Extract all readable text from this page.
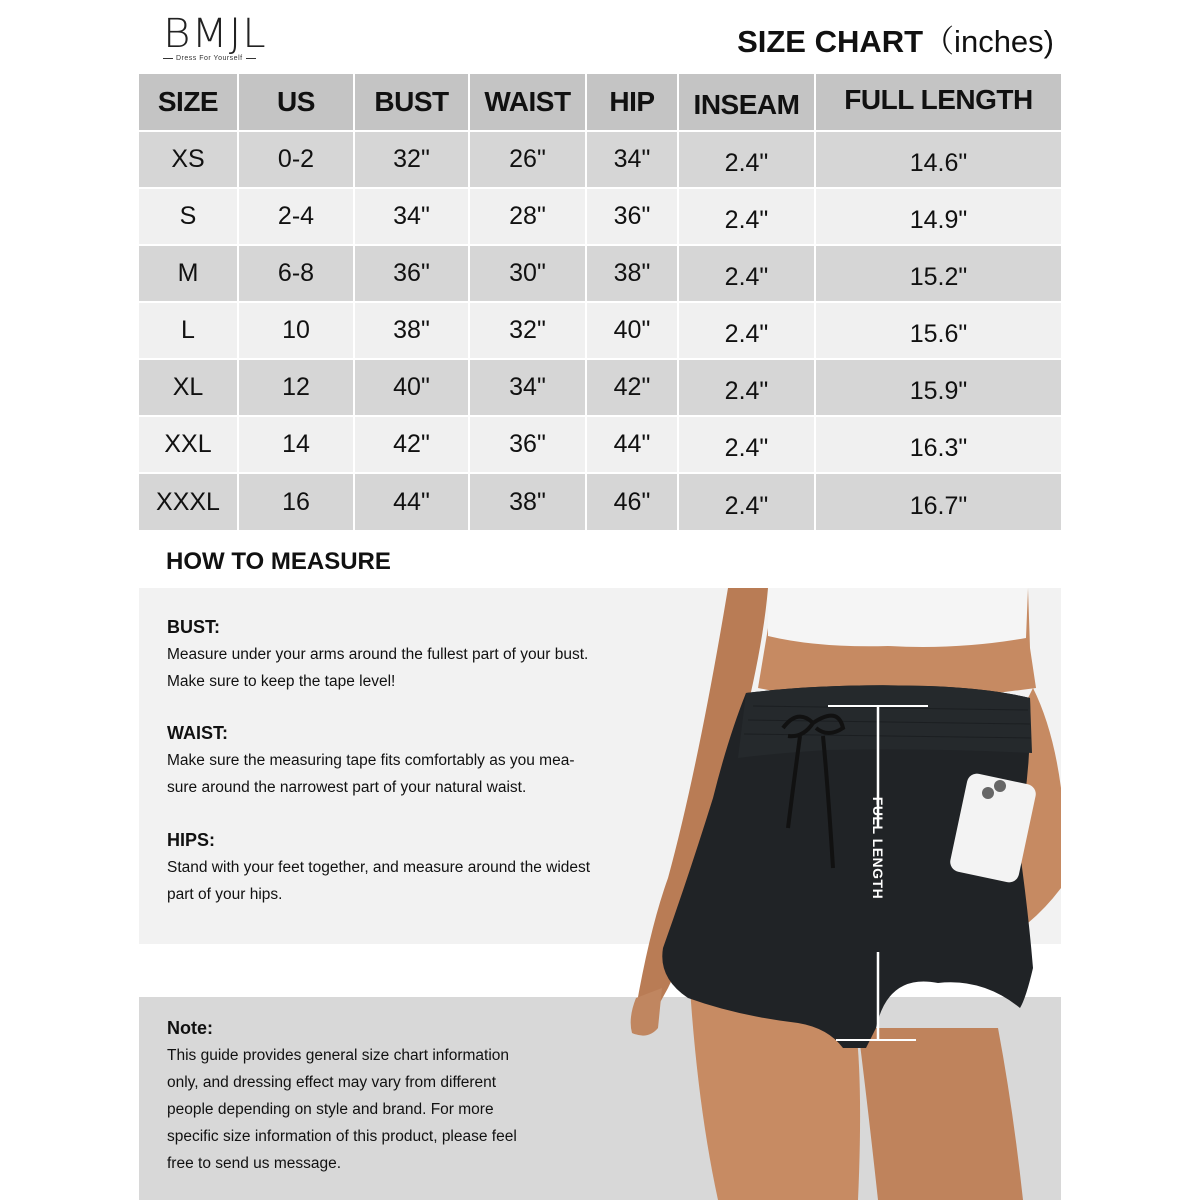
BMJL
Dress For Yourself	SIZE CHART（inches)
SIZE	US	BUST	WAIST	HIP	INSEAM	FULL LENGTH
XS	0-2	32"	26"	34"	2.4"	14.6"
S	2-4	34"	28"	36"	2.4"	14.9"
M	6-8	36"	30"	38"	2.4"	15.2"
L	10	38"	32"	40"	2.4"	15.6"
XL	12	40"	34"	42"	2.4"	15.9"
XXL	14	42"	36"	44"	2.4"	16.3"
XXXL	16	44"	38"	46"	2.4"	16.7"
HOW TO MEASURE
BUST:

Measure under your arms around the fullest part of your bust.

Make sure to keep the tape level!

WAIST:

Make sure the measuring tape fits comfortably as you mea-

sure around the narrowest part of your natural waist.

HIPS:

Stand with your feet together, and measure around the widest

part of your hips.

Note:

This guide provides general size chart information
only, and dressing effect may vary from different
people depending on style and brand. For more
specific size information of this product, please feel
free to send us message.

FULL LENGTH
